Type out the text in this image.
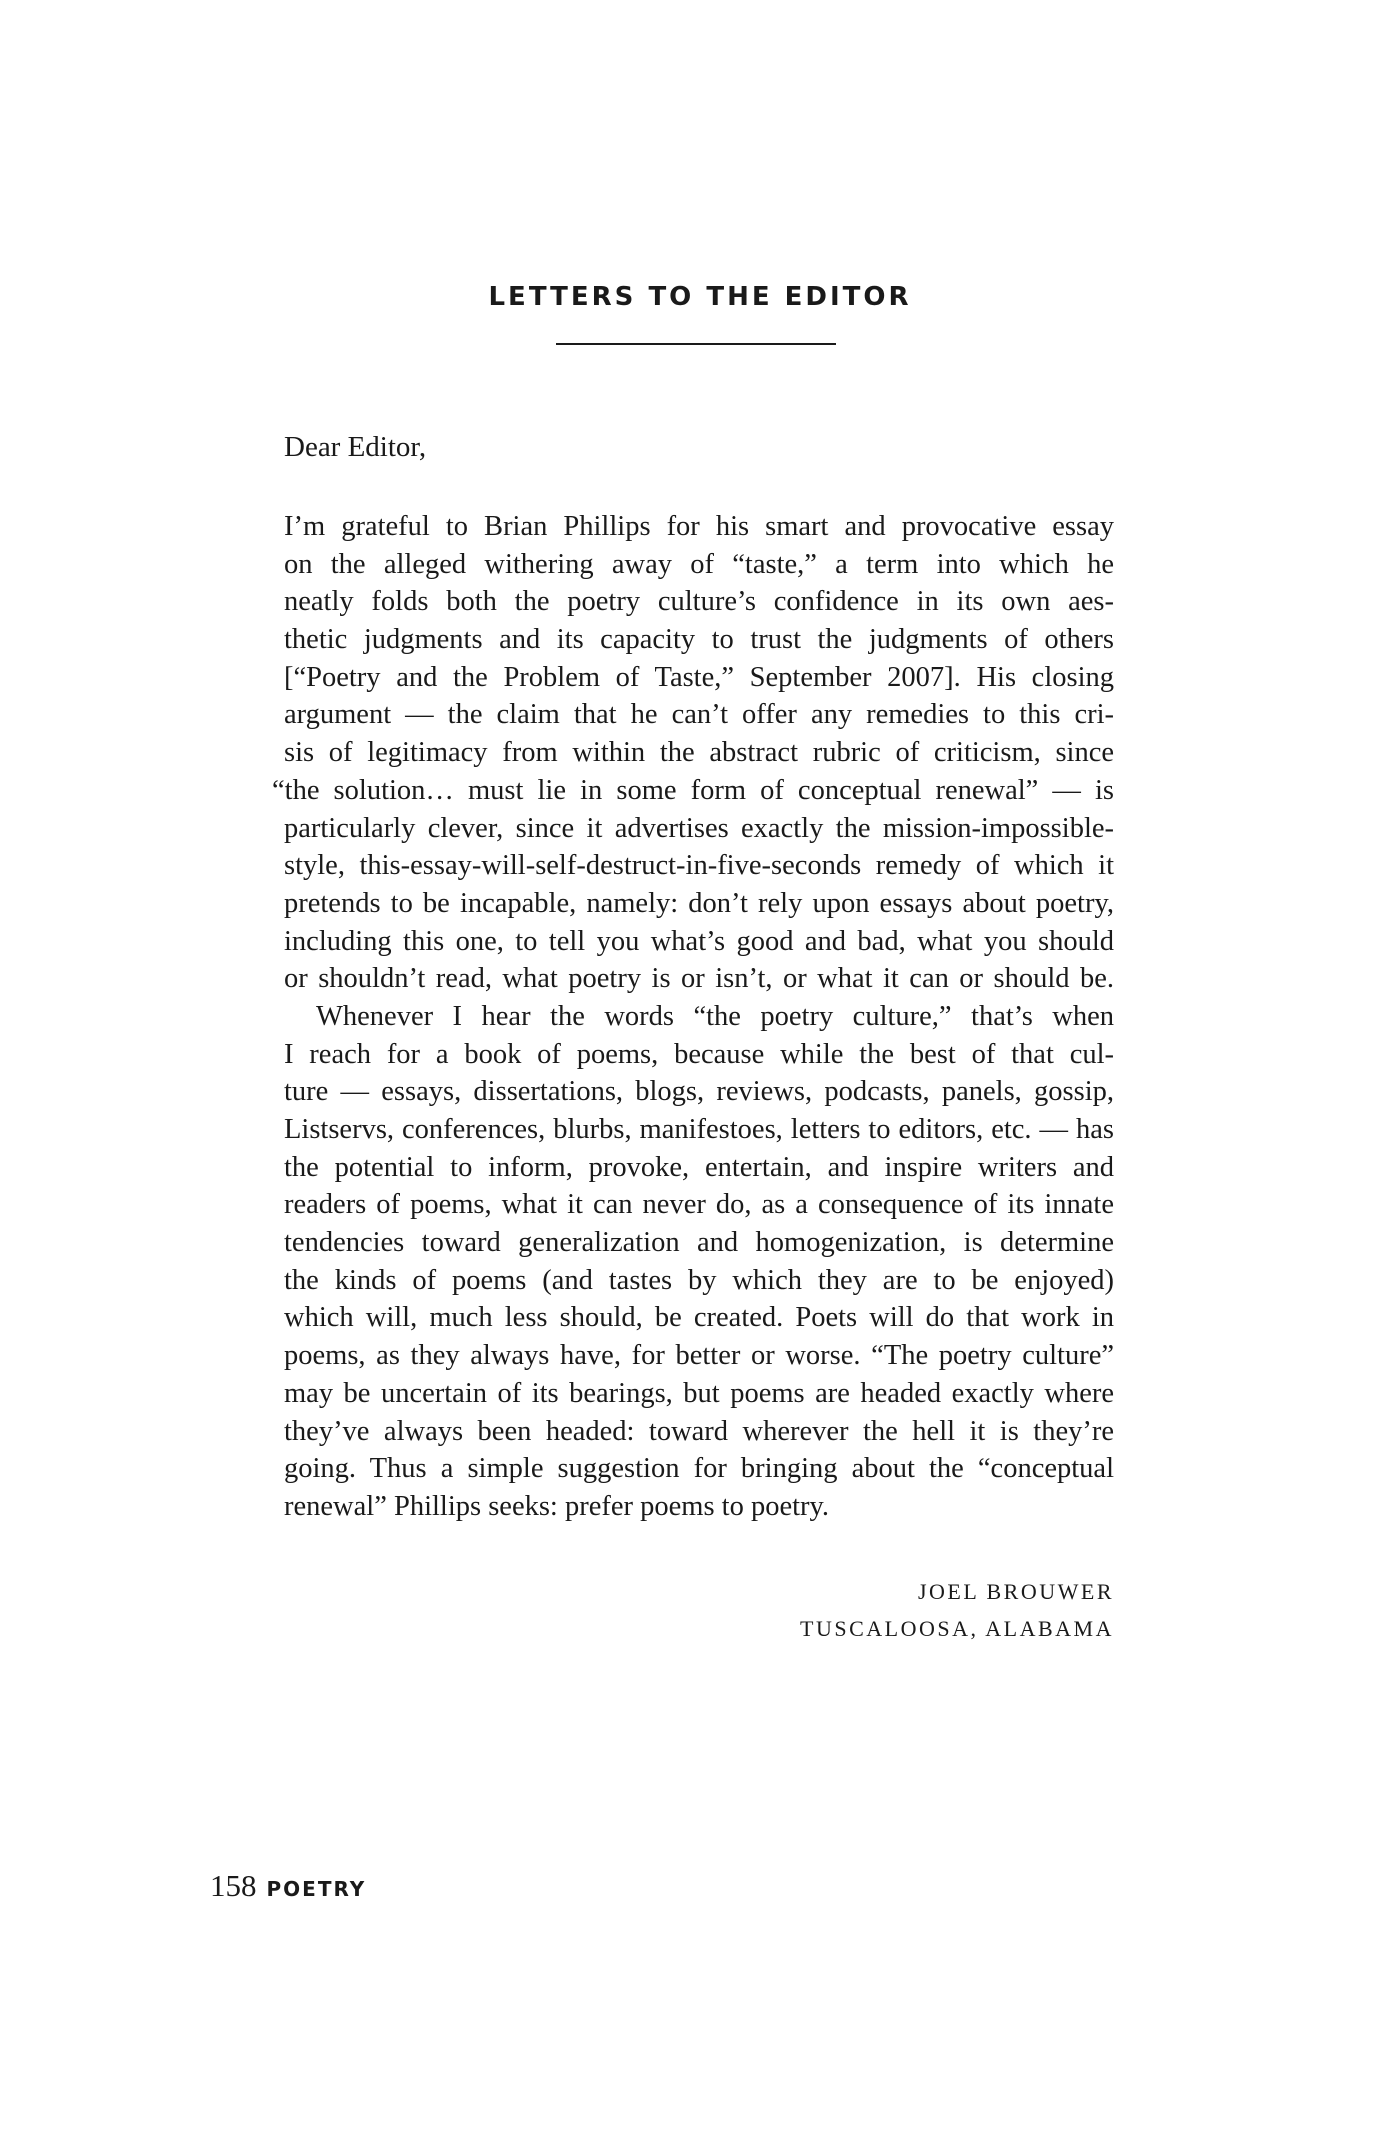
LETTERS TO THE EDITOR
Dear Editor,
I’m grateful to Brian Phillips for his smart and provocative essay
on the alleged withering away of “taste,” a term into which he
neatly folds both the poetry culture’s confidence in its own aes-
thetic judgments and its capacity to trust the judgments of others
[“Poetry and the Problem of Taste,” September 2007]. His closing
argument — the claim that he can’t offer any remedies to this cri-
sis of legitimacy from within the abstract rubric of criticism, since
“the solution… must lie in some form of conceptual renewal” — is
particularly clever, since it advertises exactly the mission-impossible-
style, this-essay-will-self-destruct-in-five-seconds remedy of which it
pretends to be incapable, namely: don’t rely upon essays about poetry,
including this one, to tell you what’s good and bad, what you should
or shouldn’t read, what poetry is or isn’t, or what it can or should be.
Whenever I hear the words “the poetry culture,” that’s when
I reach for a book of poems, because while the best of that cul-
ture — essays, dissertations, blogs, reviews, podcasts, panels, gossip,
Listservs, conferences, blurbs, manifestoes, letters to editors, etc. — has
the potential to inform, provoke, entertain, and inspire writers and
readers of poems, what it can never do, as a consequence of its innate
tendencies toward generalization and homogenization, is determine
the kinds of poems (and tastes by which they are to be enjoyed)
which will, much less should, be created. Poets will do that work in
poems, as they always have, for better or worse. “The poetry culture”
may be uncertain of its bearings, but poems are headed exactly where
they’ve always been headed: toward wherever the hell it is they’re
going. Thus a simple suggestion for bringing about the “conceptual
renewal” Phillips seeks: prefer poems to poetry.
JOEL BROUWER
TUSCALOOSA, ALABAMA
158 POETRY
